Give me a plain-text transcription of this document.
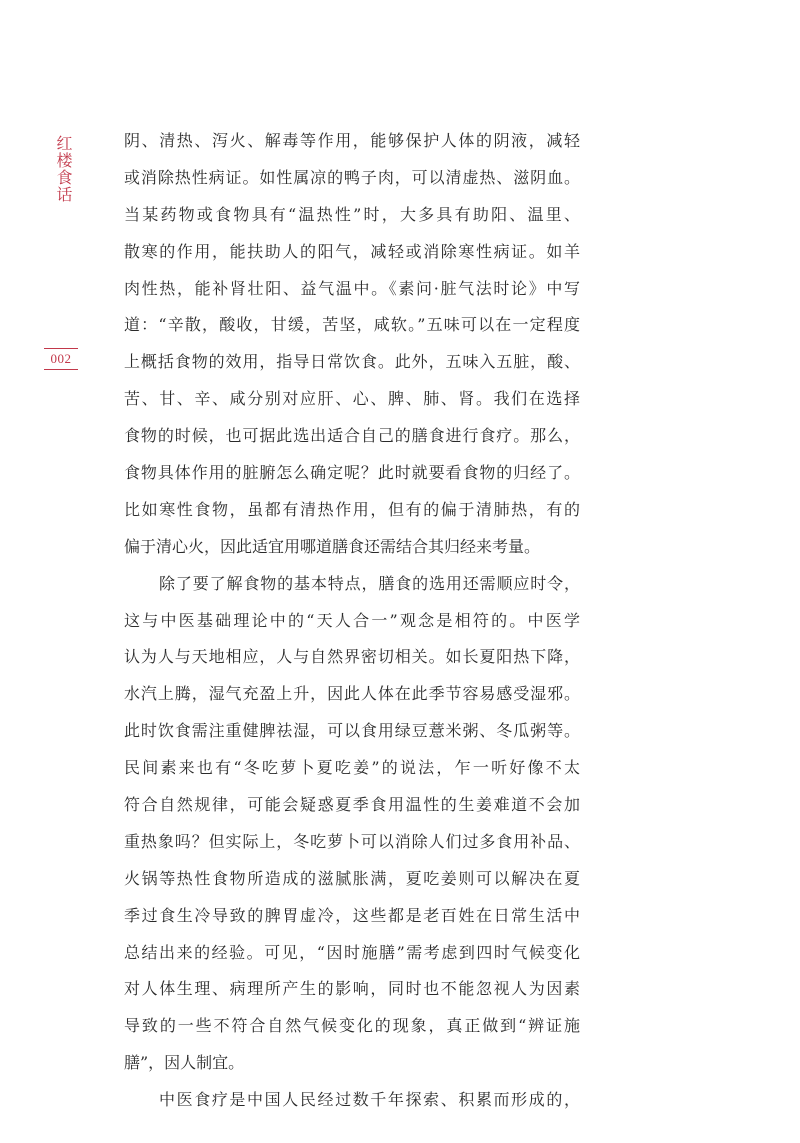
红楼食话
002
阴、清热、泻火、解毒等作用，能够保护人体的阴液，减轻
或消除热性病证。如性属凉的鸭子肉，可以清虚热、滋阴血。
当某药物或食物具有“温热性”时，大多具有助阳、温里、
散寒的作用，能扶助人的阳气，减轻或消除寒性病证。如羊
肉性热，能补肾壮阳、益气温中。《素问·脏气法时论》中写
道：“辛散，酸收，甘缓，苦坚，咸软。”五味可以在一定程度
上概括食物的效用，指导日常饮食。此外，五味入五脏，酸、
苦、甘、辛、咸分别对应肝、心、脾、肺、肾。我们在选择
食物的时候，也可据此选出适合自己的膳食进行食疗。那么，
食物具体作用的脏腑怎么确定呢？此时就要看食物的归经了。
比如寒性食物，虽都有清热作用，但有的偏于清肺热，有的
偏于清心火，因此适宜用哪道膳食还需结合其归经来考量。
除了要了解食物的基本特点，膳食的选用还需顺应时令，
这与中医基础理论中的“天人合一”观念是相符的。中医学
认为人与天地相应，人与自然界密切相关。如长夏阳热下降，
水汽上腾，湿气充盈上升，因此人体在此季节容易感受湿邪。
此时饮食需注重健脾祛湿，可以食用绿豆薏米粥、冬瓜粥等。
民间素来也有“冬吃萝卜夏吃姜”的说法，乍一听好像不太
符合自然规律，可能会疑惑夏季食用温性的生姜难道不会加
重热象吗？但实际上，冬吃萝卜可以消除人们过多食用补品、
火锅等热性食物所造成的滋腻胀满，夏吃姜则可以解决在夏
季过食生冷导致的脾胃虚冷，这些都是老百姓在日常生活中
总结出来的经验。可见，“因时施膳”需考虑到四时气候变化
对人体生理、病理所产生的影响，同时也不能忽视人为因素
导致的一些不符合自然气候变化的现象，真正做到“辨证施
膳”，因人制宜。
中医食疗是中国人民经过数千年探索、积累而形成的，
